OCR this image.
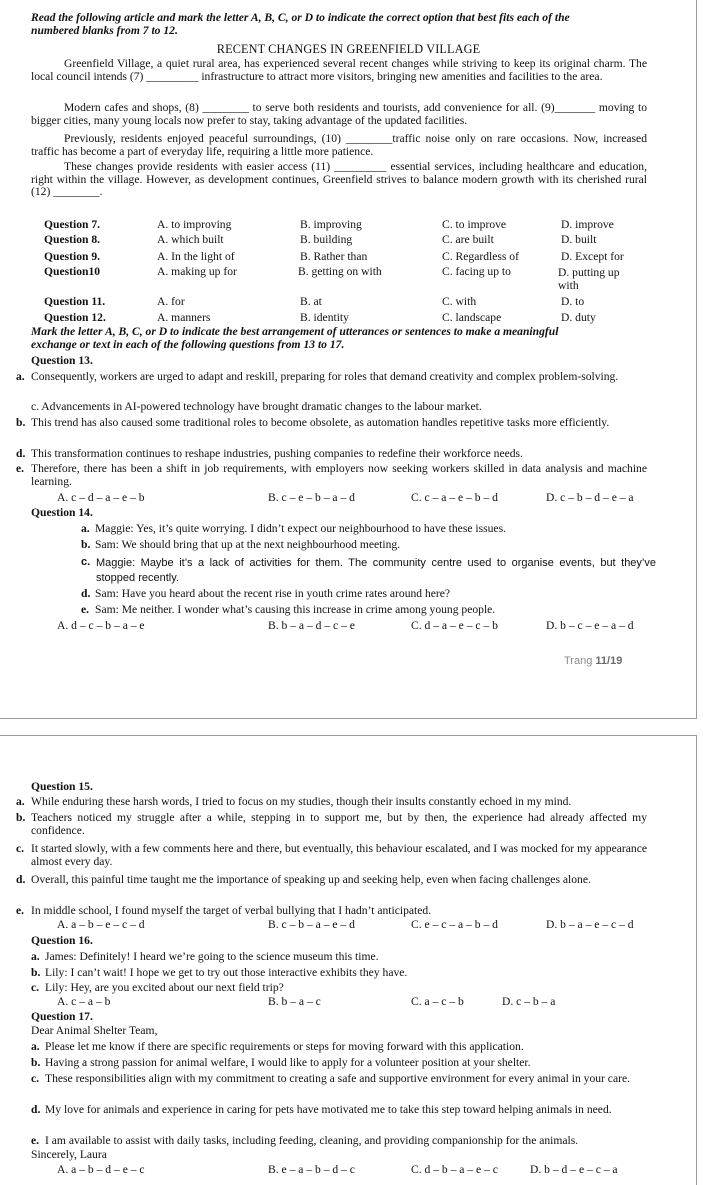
Read the following article and mark the letter A, B, C, or D to indicate the correct option that best fits each of the
numbered blanks from 7 to 12.
RECENT CHANGES IN GREENFIELD VILLAGE
Greenfield Village, a quiet rural area, has experienced several recent changes while striving to keep its original charm. The local council intends (7) _________ infrastructure to attract more visitors, bringing new amenities and facilities to the area.
Modern cafes and shops, (8) ________ to serve both residents and tourists, add convenience for all. (9)_______ moving to bigger cities, many young locals now prefer to stay, taking advantage of the updated facilities.
Previously, residents enjoyed peaceful surroundings, (10) ________traffic noise only on rare occasions. Now, increased traffic has become a part of everyday life, requiring a little more patience.
These changes provide residents with easier access (11) _________ essential services, including healthcare and education, right within the village. However, as development continues, Greenfield strives to balance modern growth with its cherished rural (12) ________.
Question 7.	A. to improving	B. improving	C. to improve	D. improve
Question 8.	A. which built	B. building	C. are built	D. built
Question 9.	A. In the light of	B. Rather than	C. Regardless of	D. Except for
Question10	A. making up for	B. getting on with	C. facing up to	D. putting up with
Question 11.	A. for	B. at	C. with	D. to
Question 12.	A. manners	B. identity	C. landscape	D. duty
Mark the letter A, B, C, or D to indicate the best arrangement of utterances or sentences to make a meaningful
exchange or text in each of the following questions from 13 to 17.
Question 13.
a. Consequently, workers are urged to adapt and reskill, preparing for roles that demand creativity and complex problem-solving.
c. Advancements in AI-powered technology have brought dramatic changes to the labour market.
b. This trend has also caused some traditional roles to become obsolete, as automation handles repetitive tasks more efficiently.
d. This transformation continues to reshape industries, pushing companies to redefine their workforce needs.
e. Therefore, there has been a shift in job requirements, with employers now seeking workers skilled in data analysis and machine learning.
A. c – d – a – e – b	B. c – e – b – a – d	C. c – a – e – b – d	D. c – b – d – e – a
Question 14.
a. Maggie: Yes, it’s quite worrying. I didn’t expect our neighbourhood to have these issues.
b. Sam: We should bring that up at the next neighbourhood meeting.
c. Maggie: Maybe it’s a lack of activities for them. The community centre used to organise events, but they’ve stopped recently.
d. Sam: Have you heard about the recent rise in youth crime rates around here?
e. Sam: Me neither. I wonder what’s causing this increase in crime among young people.
A. d – c – b – a – e	B. b – a – d – c – e	C. d – a – e – c – b	D. b – c – e – a – d
Trang 11/19
Question 15.
a. While enduring these harsh words, I tried to focus on my studies, though their insults constantly echoed in my mind.
b. Teachers noticed my struggle after a while, stepping in to support me, but by then, the experience had already affected my confidence.
c. It started slowly, with a few comments here and there, but eventually, this behaviour escalated, and I was mocked for my appearance almost every day.
d. Overall, this painful time taught me the importance of speaking up and seeking help, even when facing challenges alone.
e. In middle school, I found myself the target of verbal bullying that I hadn’t anticipated.
A. a – b – e – c – d	B. c – b – a – e – d	C. e – c – a – b – d	D. b – a – e – c – d
Question 16.
a. James: Definitely! I heard we’re going to the science museum this time.
b. Lily: I can’t wait! I hope we get to try out those interactive exhibits they have.
c. Lily: Hey, are you excited about our next field trip?
A. c – a – b	B. b – a – c	C. a – c – b	D. c – b – a
Question 17.
Dear Animal Shelter Team,
a. Please let me know if there are specific requirements or steps for moving forward with this application.
b. Having a strong passion for animal welfare, I would like to apply for a volunteer position at your shelter.
c. These responsibilities align with my commitment to creating a safe and supportive environment for every animal in your care.
d. My love for animals and experience in caring for pets have motivated me to take this step toward helping animals in need.
e. I am available to assist with daily tasks, including feeding, cleaning, and providing companionship for the animals.
Sincerely, Laura
A. a – b – d – e – c	B. e – a – b – d – c	C. d – b – a – e – c	D. b – d – e – c – a
